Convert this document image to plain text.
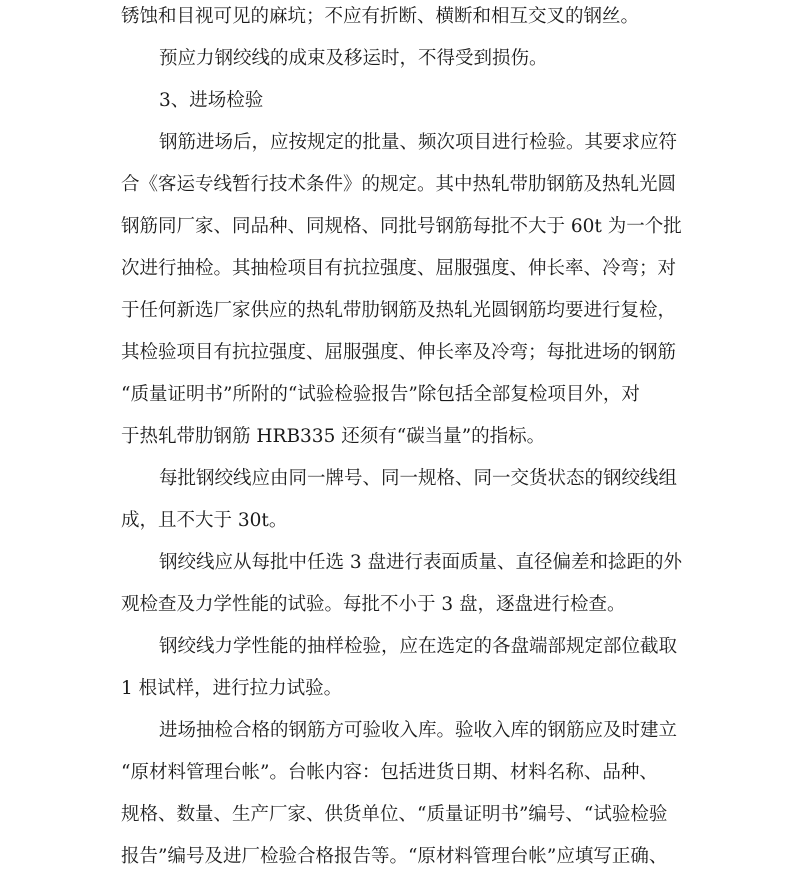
锈蚀和目视可见的麻坑；不应有折断、横断和相互交叉的钢丝。
预应力钢绞线的成束及移运时，不得受到损伤。
3、进场检验
钢筋进场后，应按规定的批量、频次项目进行检验。其要求应符
合《客运专线暂行技术条件》的规定。其中热轧带肋钢筋及热轧光圆
钢筋同厂家、同品种、同规格、同批号钢筋每批不大于 60t 为一个批
次进行抽检。其抽检项目有抗拉强度、屈服强度、伸长率、冷弯；对
于任何新选厂家供应的热轧带肋钢筋及热轧光圆钢筋均要进行复检，
其检验项目有抗拉强度、屈服强度、伸长率及冷弯；每批进场的钢筋
“质量证明书”所附的“试验检验报告”除包括全部复检项目外，对
于热轧带肋钢筋 HRB335 还须有“碳当量”的指标。
每批钢绞线应由同一牌号、同一规格、同一交货状态的钢绞线组
成，且不大于 30t。
钢绞线应从每批中任选 3 盘进行表面质量、直径偏差和捻距的外
观检查及力学性能的试验。每批不小于 3 盘，逐盘进行检查。
钢绞线力学性能的抽样检验，应在选定的各盘端部规定部位截取
1 根试样，进行拉力试验。
进场抽检合格的钢筋方可验收入库。验收入库的钢筋应及时建立
“原材料管理台帐”。台帐内容：包括进货日期、材料名称、品种、
规格、数量、生产厂家、供货单位、“质量证明书”编号、“试验检验
报告”编号及进厂检验合格报告等。“原材料管理台帐”应填写正确、
